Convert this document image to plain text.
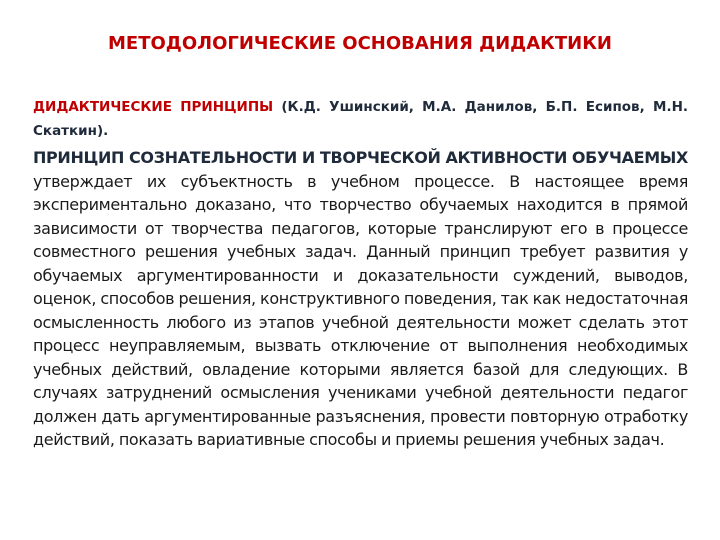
МЕТОДОЛОГИЧЕСКИЕ ОСНОВАНИЯ ДИДАКТИКИ
ДИДАКТИЧЕСКИЕ ПРИНЦИПЫ (К.Д. Ушинский, М.А. Данилов, Б.П. Есипов, М.Н. Скаткин).
ПРИНЦИП СОЗНАТЕЛЬНОСТИ И ТВОРЧЕСКОЙ АКТИВНОСТИ ОБУЧАЕМЫХ утверждает их субъектность в учебном процессе. В настоящее время экспериментально доказано, что творчество обучаемых находится в прямой зависимости от творчества педагогов, которые транслируют его в процессе совместного решения учебных задач. Данный принцип требует развития у обучаемых аргументированности и доказательности суждений, выводов, оценок, способов решения, конструктивного поведения, так как недостаточная осмысленность любого из этапов учебной деятельности может сделать этот процесс неуправляемым, вызвать отключение от выполнения необходимых учебных действий, овладение которыми является базой для следующих. В случаях затруднений осмысления учениками учебной деятельности педагог должен дать аргументированные разъяснения, провести повторную отработку действий, показать вариативные способы и приемы решения учебных задач.
